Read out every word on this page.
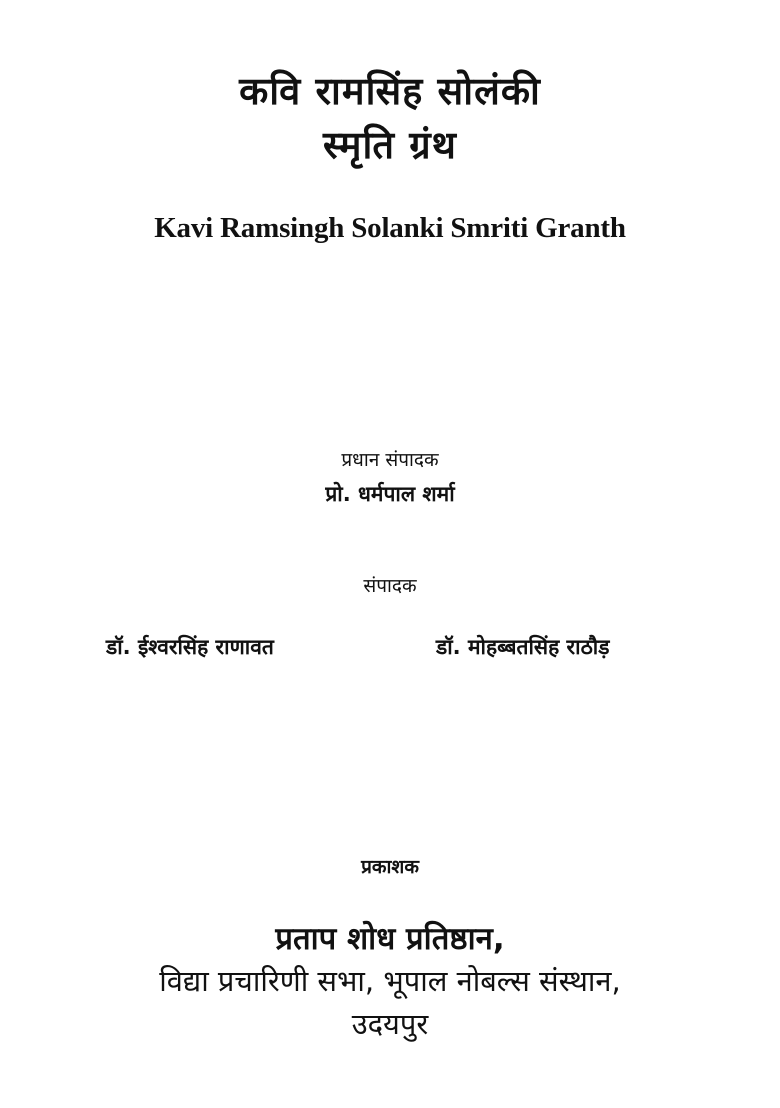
कवि रामसिंह सोलंकी
स्मृति ग्रंथ
Kavi Ramsingh Solanki Smriti Granth
प्रधान संपादक
प्रो. धर्मपाल शर्मा
संपादक
डॉ. ईश्वरसिंह राणावत	डॉ. मोहब्बतसिंह राठौड़
प्रकाशक
प्रताप शोध प्रतिष्ठान,
विद्या प्रचारिणी सभा, भूपाल नोबल्स संस्थान,
उदयपुर
